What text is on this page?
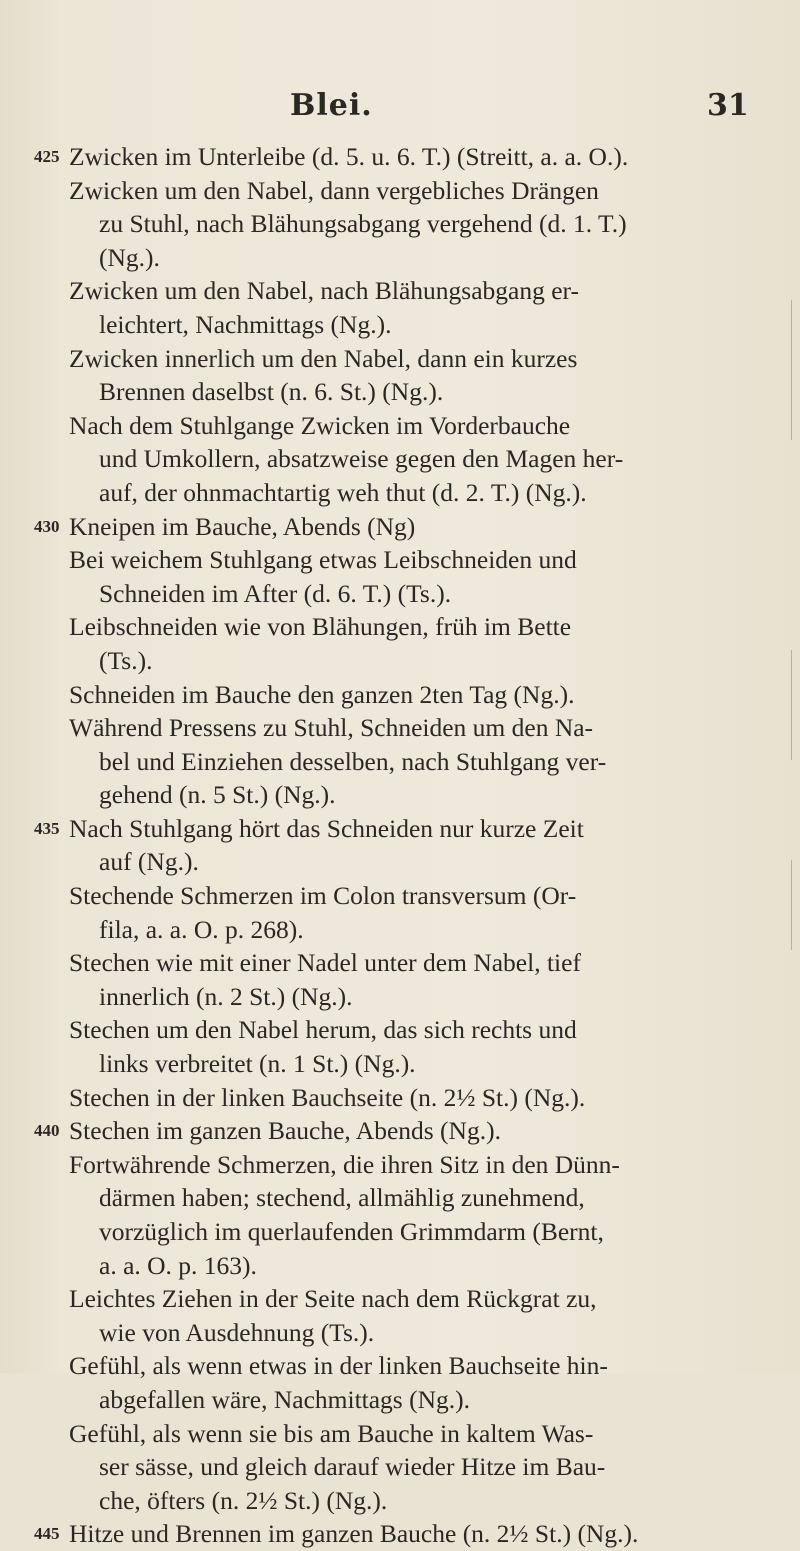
Blei.	31
425 Zwicken im Unterleibe (d. 5. u. 6. T.) (Streitt, a. a. O.).
Zwicken um den Nabel, dann vergebliches Drängen
zu Stuhl, nach Blähungsabgang vergehend (d. 1. T.)
(Ng.).
Zwicken um den Nabel, nach Blähungsabgang er-
leichtert, Nachmittags (Ng.).
Zwicken innerlich um den Nabel, dann ein kurzes
Brennen daselbst (n. 6. St.) (Ng.).
Nach dem Stuhlgange Zwicken im Vorderbauche
und Umkollern, absatzweise gegen den Magen her-
auf, der ohnmachtartig weh thut (d. 2. T.) (Ng.).
430 Kneipen im Bauche, Abends (Ng)
Bei weichem Stuhlgang etwas Leibschneiden und
Schneiden im After (d. 6. T.) (Ts.).
Leibschneiden wie von Blähungen, früh im Bette
(Ts.).
Schneiden im Bauche den ganzen 2ten Tag (Ng.).
Während Pressens zu Stuhl, Schneiden um den Na-
bel und Einziehen desselben, nach Stuhlgang ver-
gehend (n. 5 St.) (Ng.).
435 Nach Stuhlgang hört das Schneiden nur kurze Zeit
auf (Ng.).
Stechende Schmerzen im Colon transversum (Or-
fila, a. a. O. p. 268).
Stechen wie mit einer Nadel unter dem Nabel, tief
innerlich (n. 2 St.) (Ng.).
Stechen um den Nabel herum, das sich rechts und
links verbreitet (n. 1 St.) (Ng.).
Stechen in der linken Bauchseite (n. 2½ St.) (Ng.).
440 Stechen im ganzen Bauche, Abends (Ng.).
Fortwährende Schmerzen, die ihren Sitz in den Dünn-
därmen haben; stechend, allmählig zunehmend,
vorzüglich im querlaufenden Grimmdarm (Bernt,
a. a. O. p. 163).
Leichtes Ziehen in der Seite nach dem Rückgrat zu,
wie von Ausdehnung (Ts.).
Gefühl, als wenn etwas in der linken Bauchseite hin-
abgefallen wäre, Nachmittags (Ng.).
Gefühl, als wenn sie bis am Bauche in kaltem Was-
ser sässe, und gleich darauf wieder Hitze im Bau-
che, öfters (n. 2½ St.) (Ng.).
445 Hitze und Brennen im ganzen Bauche (n. 2½ St.) (Ng.).
